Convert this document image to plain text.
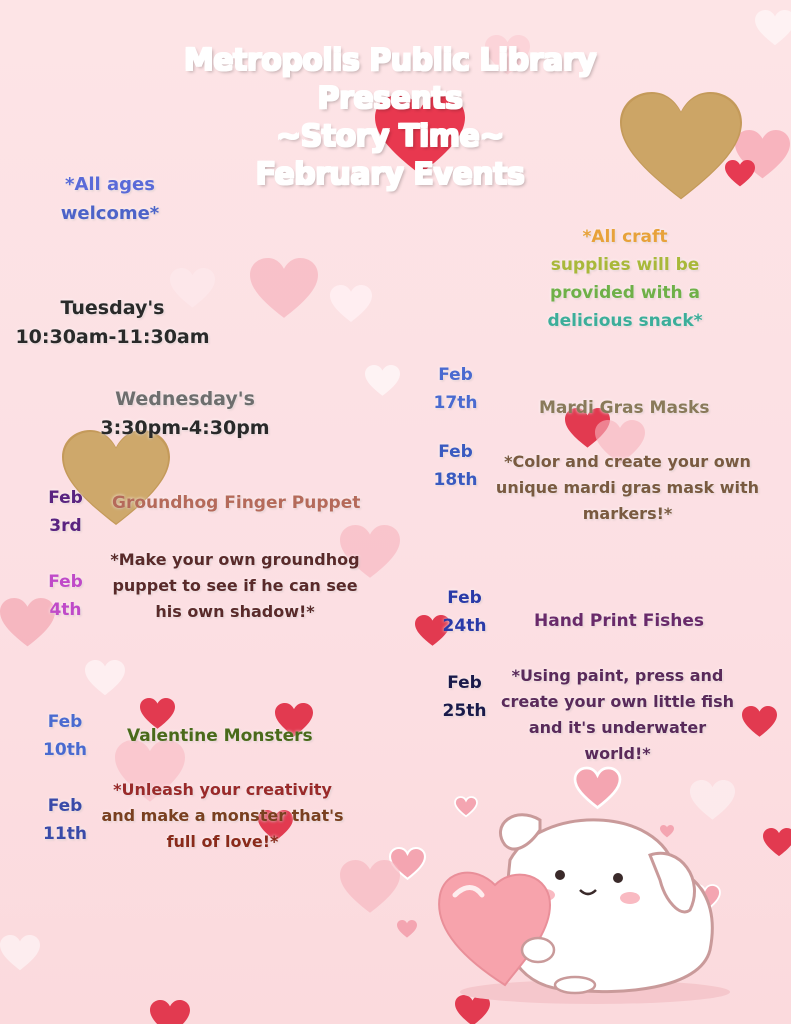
Metropolis Public Library
Presents
~Story Time~
February Events
*All ages
welcome*
*All craft
supplies will be
provided with a
delicious snack*
Tuesday's
10:30am-11:30am
Wednesday's
3:30pm-4:30pm
Feb
3rd
Feb
4th
Groundhog Finger Puppet
*Make your own groundhog
puppet to see if he can see
his own shadow!*
Feb
10th
Feb
11th
Valentine Monsters
*Unleash your creativity
and make a monster that's
full of love!*
Feb
17th
Feb
18th
Mardi Gras Masks
*Color and create your own
unique mardi gras mask with
markers!*
Feb
24th
Feb
25th
Hand Print Fishes
*Using paint, press and
create your own little fish
and it's underwater
world!*
